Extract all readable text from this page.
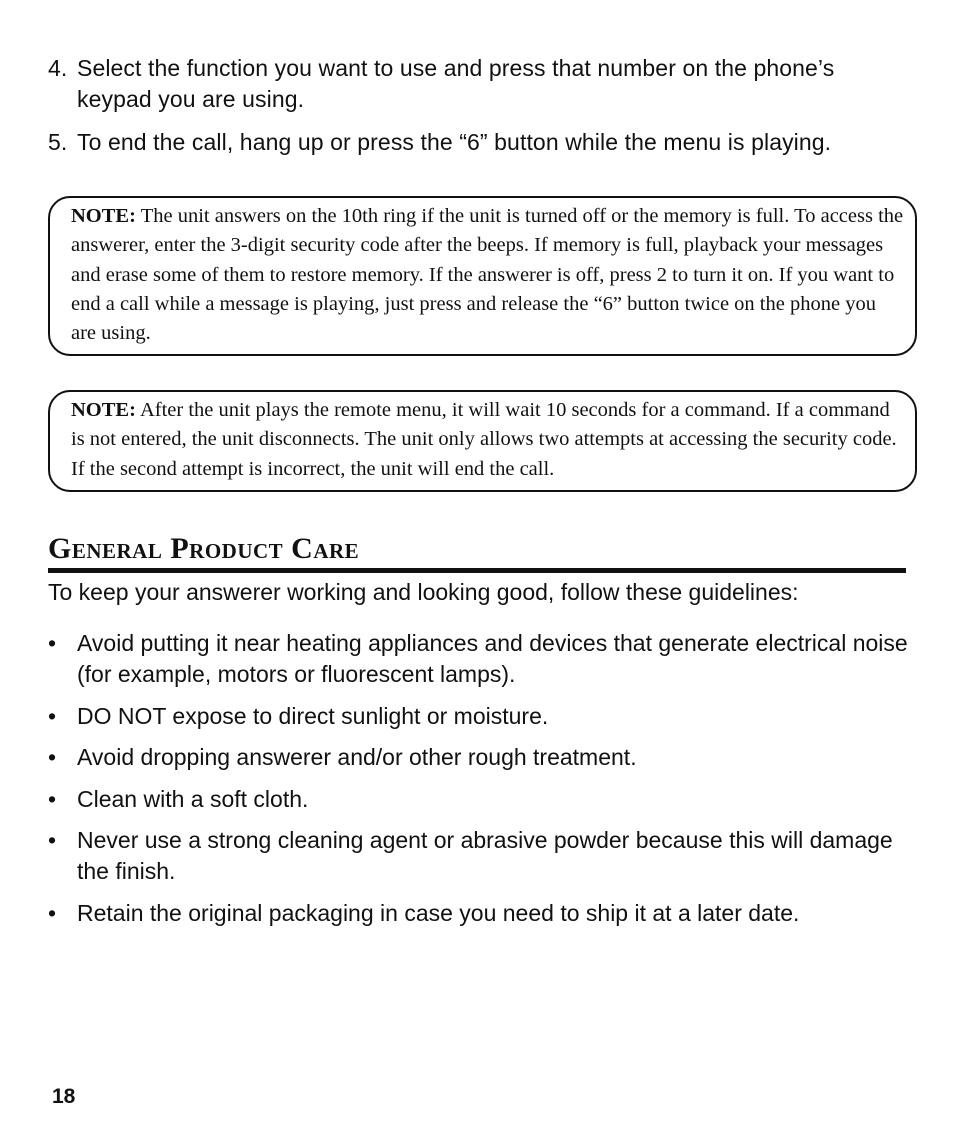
4. Select the function you want to use and press that number on the phone’s keypad you are using.
5. To end the call, hang up or press the “6” button while the menu is playing.
NOTE: The unit answers on the 10th ring if the unit is turned off or the memory is full. To access the answerer, enter the 3-digit security code after the beeps. If memory is full, playback your messages and erase some of them to restore memory. If the answerer is off, press 2 to turn it on. If you want to end a call while a message is playing, just press and release the “6” button twice on the phone you are using.
NOTE: After the unit plays the remote menu, it will wait 10 seconds for a command. If a command is not entered, the unit disconnects. The unit only allows two attempts at accessing the security code. If the second attempt is incorrect, the unit will end the call.
General Product Care
To keep your answerer working and looking good, follow these guidelines:
• Avoid putting it near heating appliances and devices that generate electrical noise (for example, motors or fluorescent lamps).
• DO NOT expose to direct sunlight or moisture.
• Avoid dropping answerer and/or other rough treatment.
• Clean with a soft cloth.
• Never use a strong cleaning agent or abrasive powder because this will damage the finish.
• Retain the original packaging in case you need to ship it at a later date.
18
